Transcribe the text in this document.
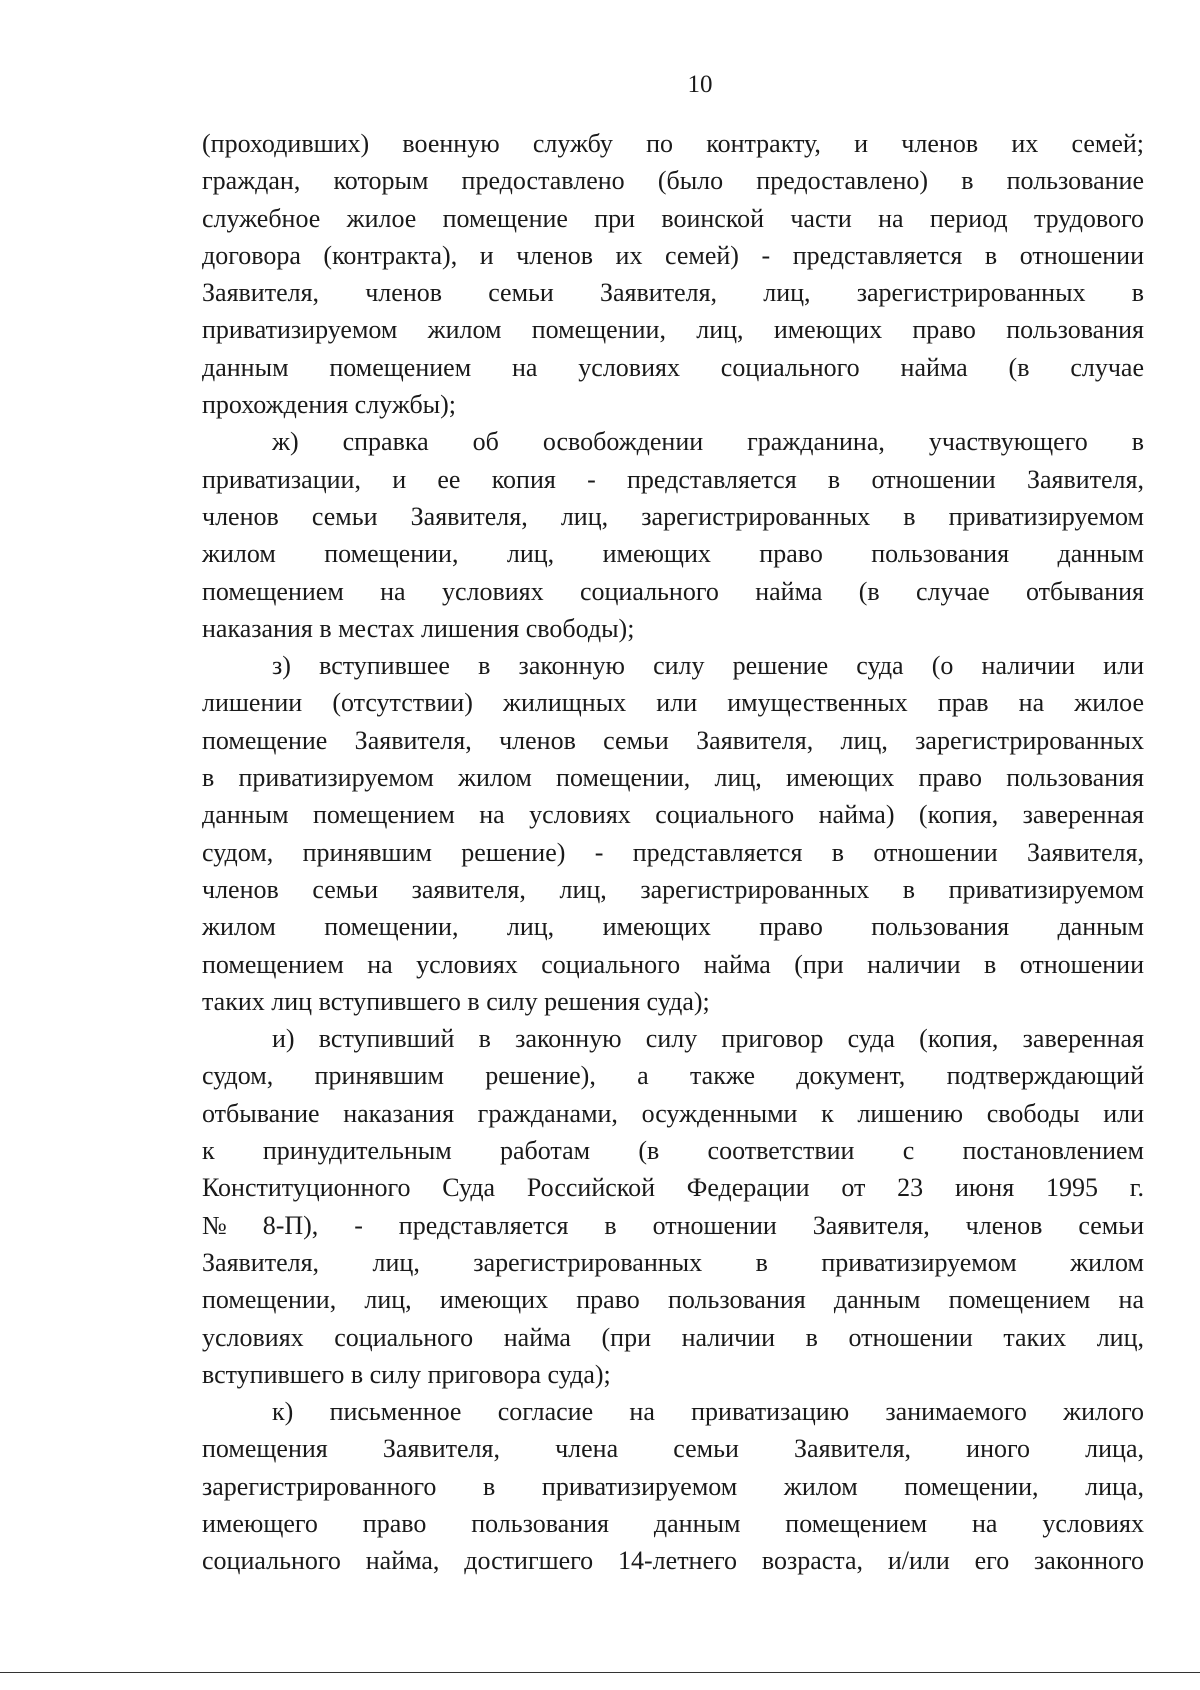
10
(проходивших) военную службу по контракту, и членов их семей;
граждан, которым предоставлено (было предоставлено) в пользование
служебное жилое помещение при воинской части на период трудового
договора (контракта), и членов их семей) - представляется в отношении
Заявителя, членов семьи Заявителя, лиц, зарегистрированных в
приватизируемом жилом помещении, лиц, имеющих право пользования
данным помещением на условиях социального найма (в случае
прохождения службы);
ж) справка об освобождении гражданина, участвующего в
приватизации, и ее копия - представляется в отношении Заявителя,
членов семьи Заявителя, лиц, зарегистрированных в приватизируемом
жилом помещении, лиц, имеющих право пользования данным
помещением на условиях социального найма (в случае отбывания
наказания в местах лишения свободы);
з) вступившее в законную силу решение суда (о наличии или
лишении (отсутствии) жилищных или имущественных прав на жилое
помещение Заявителя, членов семьи Заявителя, лиц, зарегистрированных
в приватизируемом жилом помещении, лиц, имеющих право пользования
данным помещением на условиях социального найма) (копия, заверенная
судом, принявшим решение) - представляется в отношении Заявителя,
членов семьи заявителя, лиц, зарегистрированных в приватизируемом
жилом помещении, лиц, имеющих право пользования данным
помещением на условиях социального найма (при наличии в отношении
таких лиц вступившего в силу решения суда);
и) вступивший в законную силу приговор суда (копия, заверенная
судом, принявшим решение), а также документ, подтверждающий
отбывание наказания гражданами, осужденными к лишению свободы или
к принудительным работам (в соответствии с постановлением
Конституционного Суда Российской Федерации от 23 июня 1995 г.
№ 8-П), - представляется в отношении Заявителя, членов семьи
Заявителя, лиц, зарегистрированных в приватизируемом жилом
помещении, лиц, имеющих право пользования данным помещением на
условиях социального найма (при наличии в отношении таких лиц,
вступившего в силу приговора суда);
к) письменное согласие на приватизацию занимаемого жилого
помещения Заявителя, члена семьи Заявителя, иного лица,
зарегистрированного в приватизируемом жилом помещении, лица,
имеющего право пользования данным помещением на условиях
социального найма, достигшего 14-летнего возраста, и/или его законного
